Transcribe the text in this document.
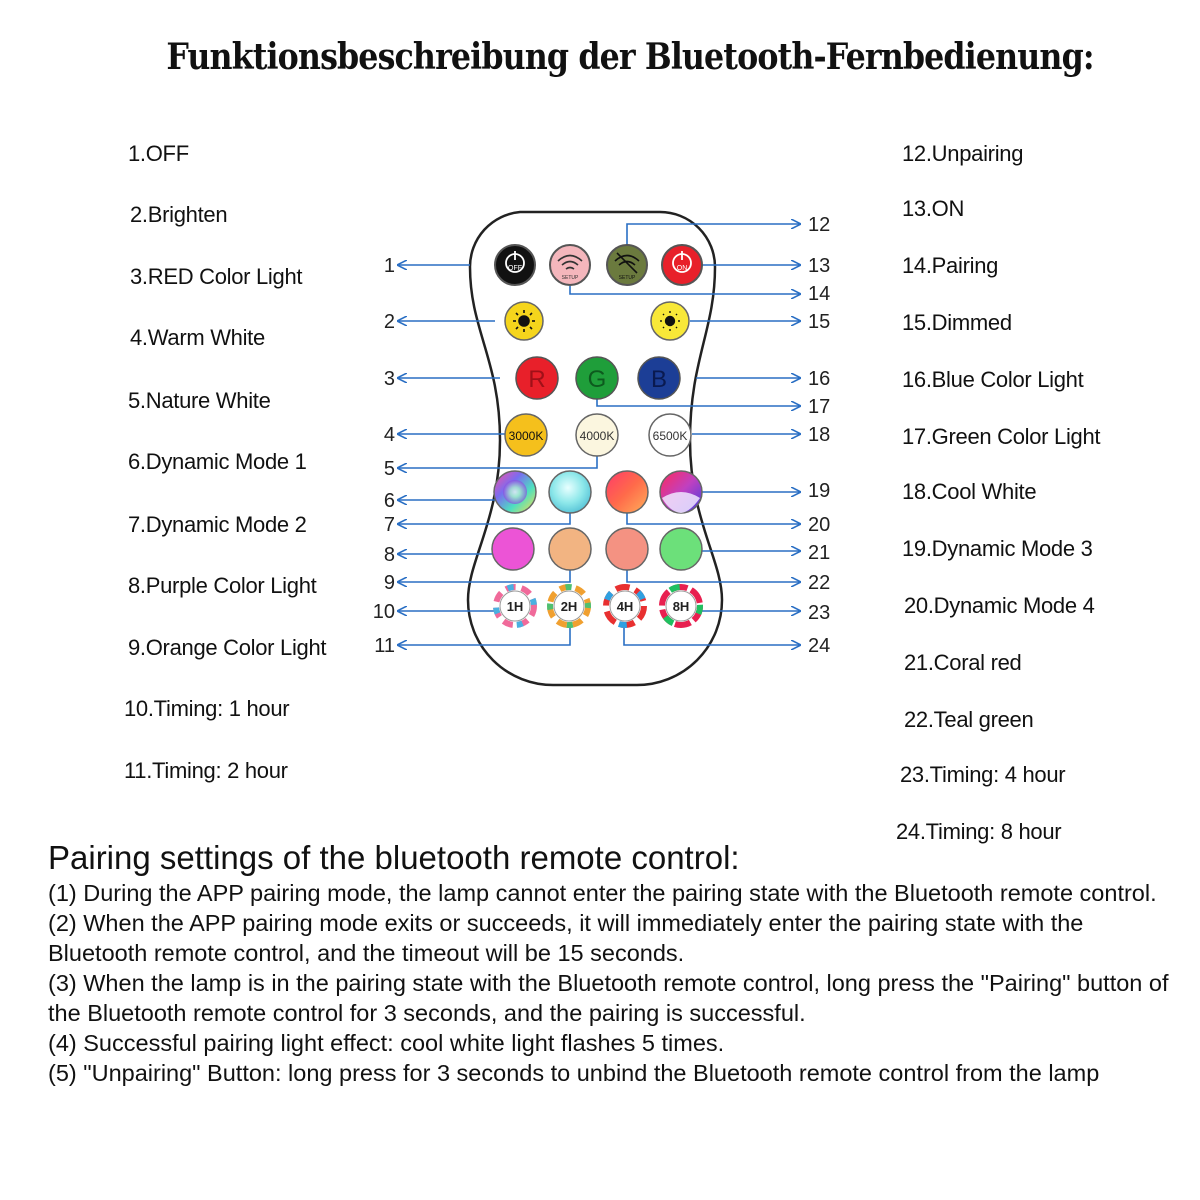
Funktionsbeschreibung der Bluetooth-Fernbedienung:
1.OFF
2.Brighten
3.RED Color Light
4.Warm White
5.Nature White
6.Dynamic Mode 1
7.Dynamic Mode 2
8.Purple Color Light
9.Orange Color Light
10.Timing: 1 hour
11.Timing: 2 hour
12.Unpairing
13.ON
14.Pairing
15.Dimmed
16.Blue Color Light
17.Green Color Light
18.Cool White
19.Dynamic Mode 3
20.Dynamic Mode 4
21.Coral red
22.Teal green
23.Timing: 4 hour
24.Timing: 8 hour
1
2
3
4
5
6
7
8
9
10
11
12
13
14
15
16
17
18
19
20
21
22
23
24
OFF
SETUP	SETUP
ON
R G B
3000K	4000K	6500K
1H	2H	4H	8H
Pairing settings of the bluetooth remote control:

(1) During the APP pairing mode, the lamp cannot enter the pairing state with the Bluetooth remote control.

(2) When the APP pairing mode exits or succeeds, it will immediately enter the pairing state with the Bluetooth remote control, and the timeout will be 15 seconds.

(3) When the lamp is in the pairing state with the Bluetooth remote control, long press the "Pairing" button of the Bluetooth remote control for 3 seconds, and the pairing is successful.

(4) Successful pairing light effect: cool white light flashes 5 times.

(5) "Unpairing" Button: long press for 3 seconds to unbind the Bluetooth remote control from the lamp
